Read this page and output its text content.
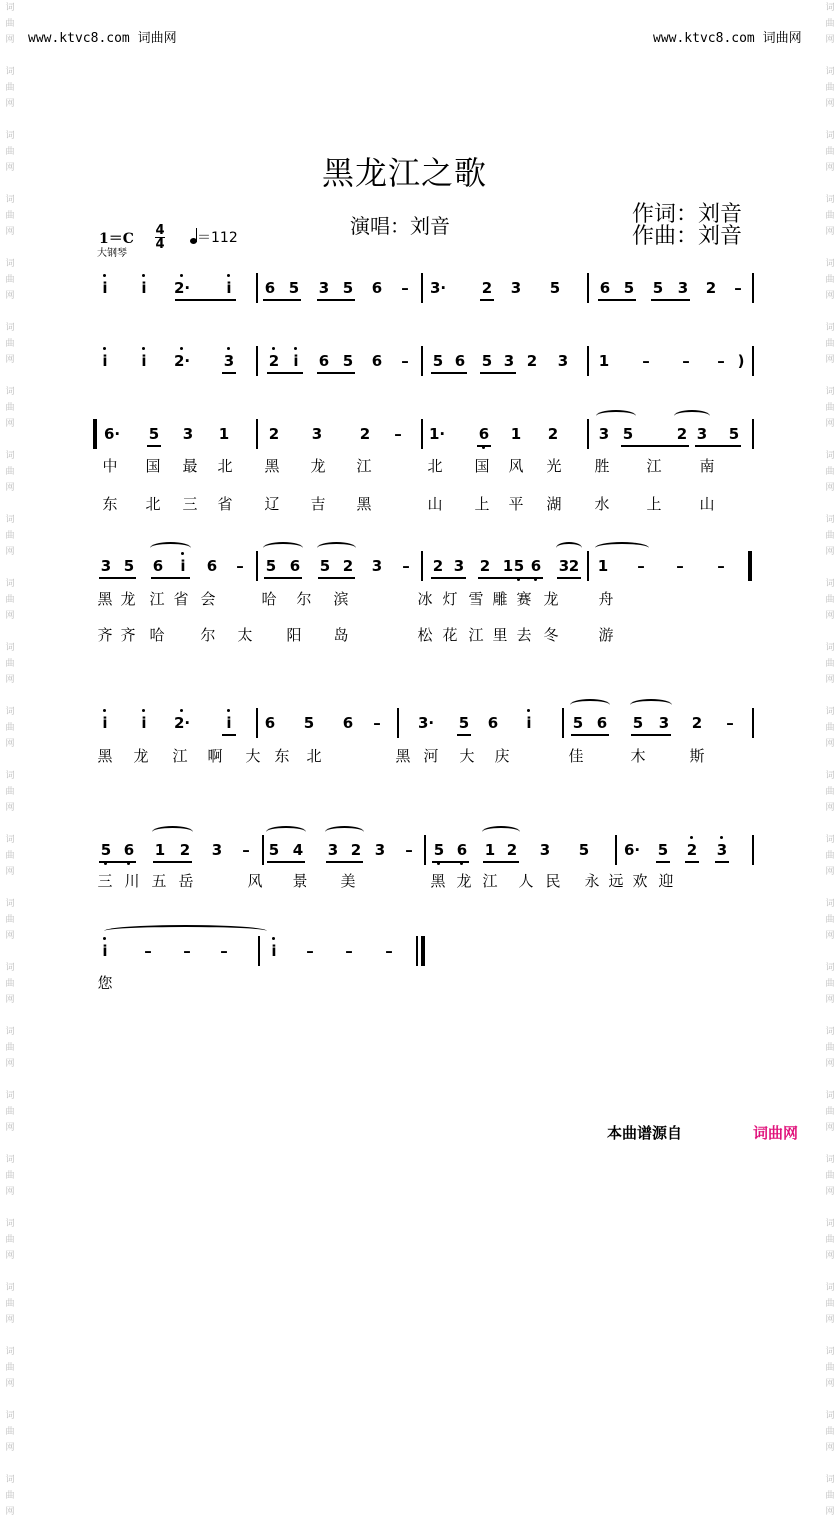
词
曲
网

词
曲
网

词
曲
网

词
曲
网

词
曲
网

词
曲
网

词
曲
网

词
曲
网

词
曲
网

词
曲
网

词
曲
网

词
曲
网

词
曲
网

词
曲
网

词
曲
网

词
曲
网

词
曲
网

词
曲
网

词
曲
网

词
曲
网

词
曲
网

词
曲
网

词
曲
网

词
曲
网

词
曲
网

词
曲
网

词
曲
网

词
曲
网

词
曲
网

词
曲
网

词
曲
网

词
曲
网

词
曲
网

词
曲
网

词
曲
网

词
曲
网

词
曲
网

词
曲
网

词
曲
网

词
曲
网

词
曲
网

词
曲
网

词
曲
网

词
曲
网

词
曲
网

词
曲
网

词
曲
网

词
曲
网

www.ktvc8.com 词曲网	www.ktvc8.com 词曲网
黑龙江之歌
演唱：刘音	作词：刘音
作曲：刘音
1＝C
大钢琴
4
4	＝112
i	i	2·	i	6 5 3 5 6 – 3· 2 3 5	6 5 5 3 2 –
i	i	2· 3 2 i	6 5 6 – 5 6 5 3 2 3 1 – – – )
6· 5 3 1	2 3	2 – 1· 6 1 2	3 5	2 3 5
中 国 最 北 黑 龙 江	北 国 风 光 胜 江	南
东 北 三 省 辽 吉 黑	山 上 平 湖 水 上	山
3 5 6	i	6 – 5 6 5 2 3 – 2 3 2 1 5 6 3 2 1 – – –
黑 龙 江 省 会	哈 尔 滨	冰 灯 雪 雕 赛 龙	舟
齐 齐 哈 尔 太 阳 岛	松 花 江 里 去 冬	游
i	i	2·	i	6 5 6 – 3· 5 6	i	5 6 5 3 2 –
黑 龙 江 啊 大 东 北	黑 河 大 庆	佳	木	斯
5 6 1 2 3 – 5 4 3 2 3 – 5 6 1 2 3 5 6· 5 2 3
三 川 五 岳	风 景 美	黑 龙 江 人 民 永 远 欢 迎
i	– – –	i	– – –
您
本曲谱源自	词曲网
